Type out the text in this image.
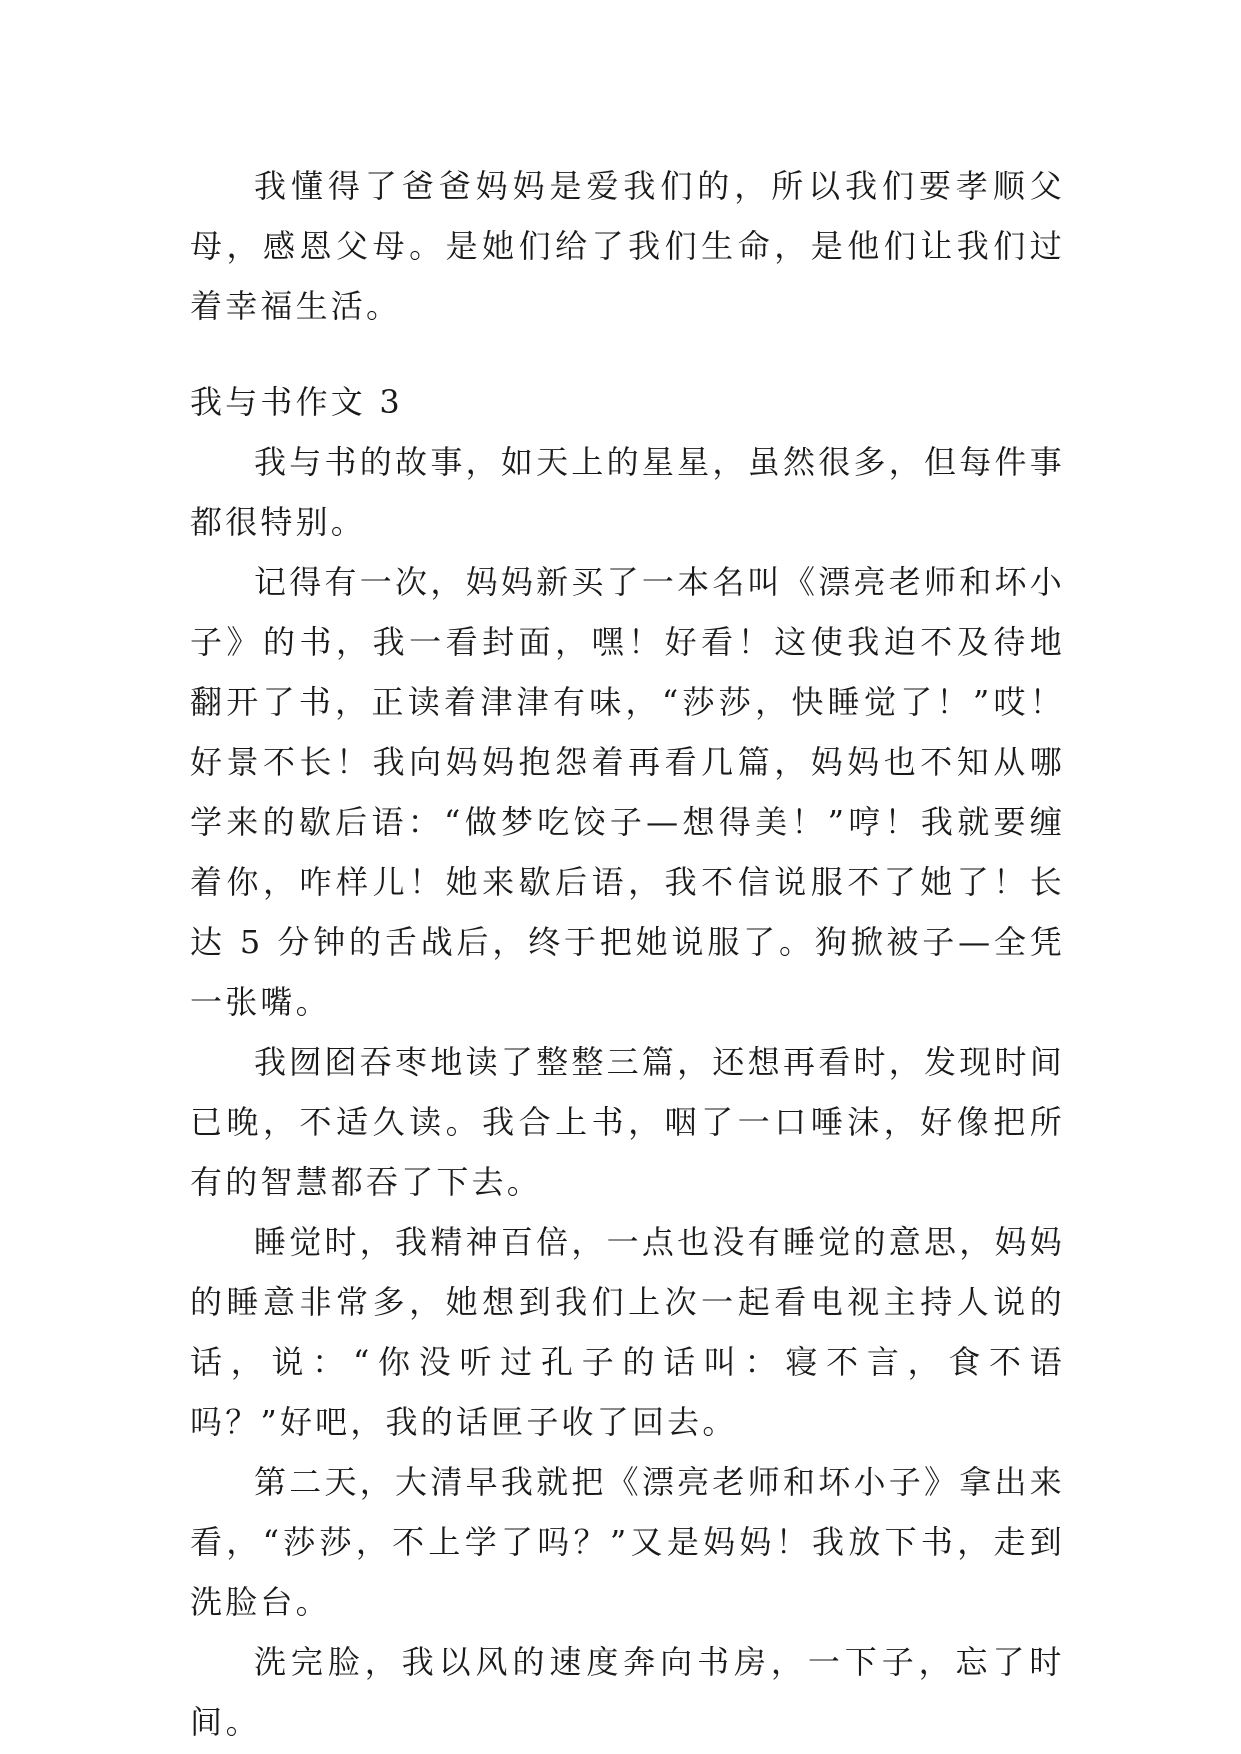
我懂得了爸爸妈妈是爱我们的，所以我们要孝顺父母，感恩父母。是她们给了我们生命，是他们让我们过着幸福生活。

我与书作文 3

我与书的故事，如天上的星星，虽然很多，但每件事都很特别。

记得有一次，妈妈新买了一本名叫《漂亮老师和坏小子》的书，我一看封面，嘿！好看！这使我迫不及待地翻开了书，正读着津津有味，“莎莎，快睡觉了！”哎！好景不长！我向妈妈抱怨着再看几篇，妈妈也不知从哪学来的歇后语：“做梦吃饺子—想得美！”哼！我就要缠着你，咋样儿！她来歇后语，我不信说服不了她了！长达 5 分钟的舌战后，终于把她说服了。狗掀被子—全凭一张嘴。

我囫囵吞枣地读了整整三篇，还想再看时，发现时间已晚，不适久读。我合上书，咽了一口唾沫，好像把所有的智慧都吞了下去。

睡觉时，我精神百倍，一点也没有睡觉的意思，妈妈的睡意非常多，她想到我们上次一起看电视主持人说的话，说：“你没听过孔子的话叫：寝不言，食不语吗？”好吧，我的话匣子收了回去。

第二天，大清早我就把《漂亮老师和坏小子》拿出来看，“莎莎，不上学了吗？”又是妈妈！我放下书，走到洗脸台。

洗完脸，我以风的速度奔向书房，一下子，忘了时间。
